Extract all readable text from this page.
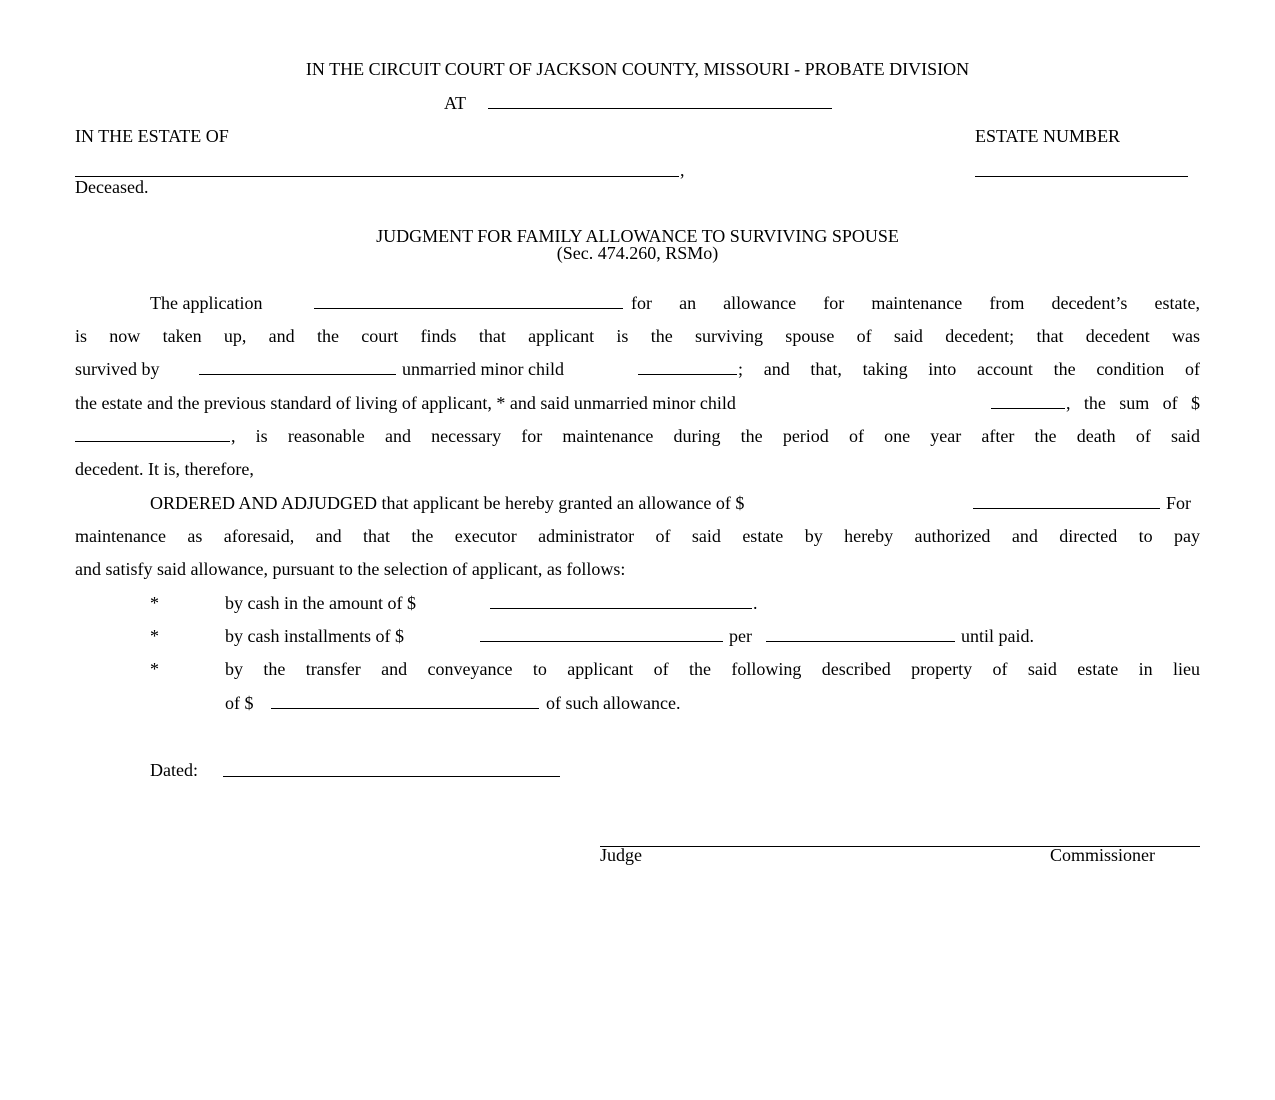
IN THE CIRCUIT COURT OF JACKSON COUNTY, MISSOURI - PROBATE DIVISION
AT
IN THE ESTATE OF	ESTATE NUMBER
,
Deceased.
JUDGMENT FOR FAMILY ALLOWANCE TO SURVIVING SPOUSE
(Sec. 474.260, RSMo)
The application	for an allowance for maintenance from decedent’s estate,
is now taken up, and the court finds that applicant is the surviving spouse of said decedent; that decedent was
survived by	unmarried minor child	; and that, taking into account the condition of
the estate and the previous standard of living of applicant, * and said unmarried minor child	, the sum of $
, is reasonable and necessary for maintenance during the period of one year after the death of said
decedent. It is, therefore,
ORDERED AND ADJUDGED that applicant be hereby granted an allowance of $	For
maintenance as aforesaid, and that the executor administrator of said estate by hereby authorized and directed to pay
and satisfy said allowance, pursuant to the selection of applicant, as follows:
*	by cash in the amount of $	.
*	by cash installments of $	per	until paid.
*	by the transfer and conveyance to applicant of the following described property of said estate in lieu
of $	of such allowance.
Dated:
Judge	Commissioner
